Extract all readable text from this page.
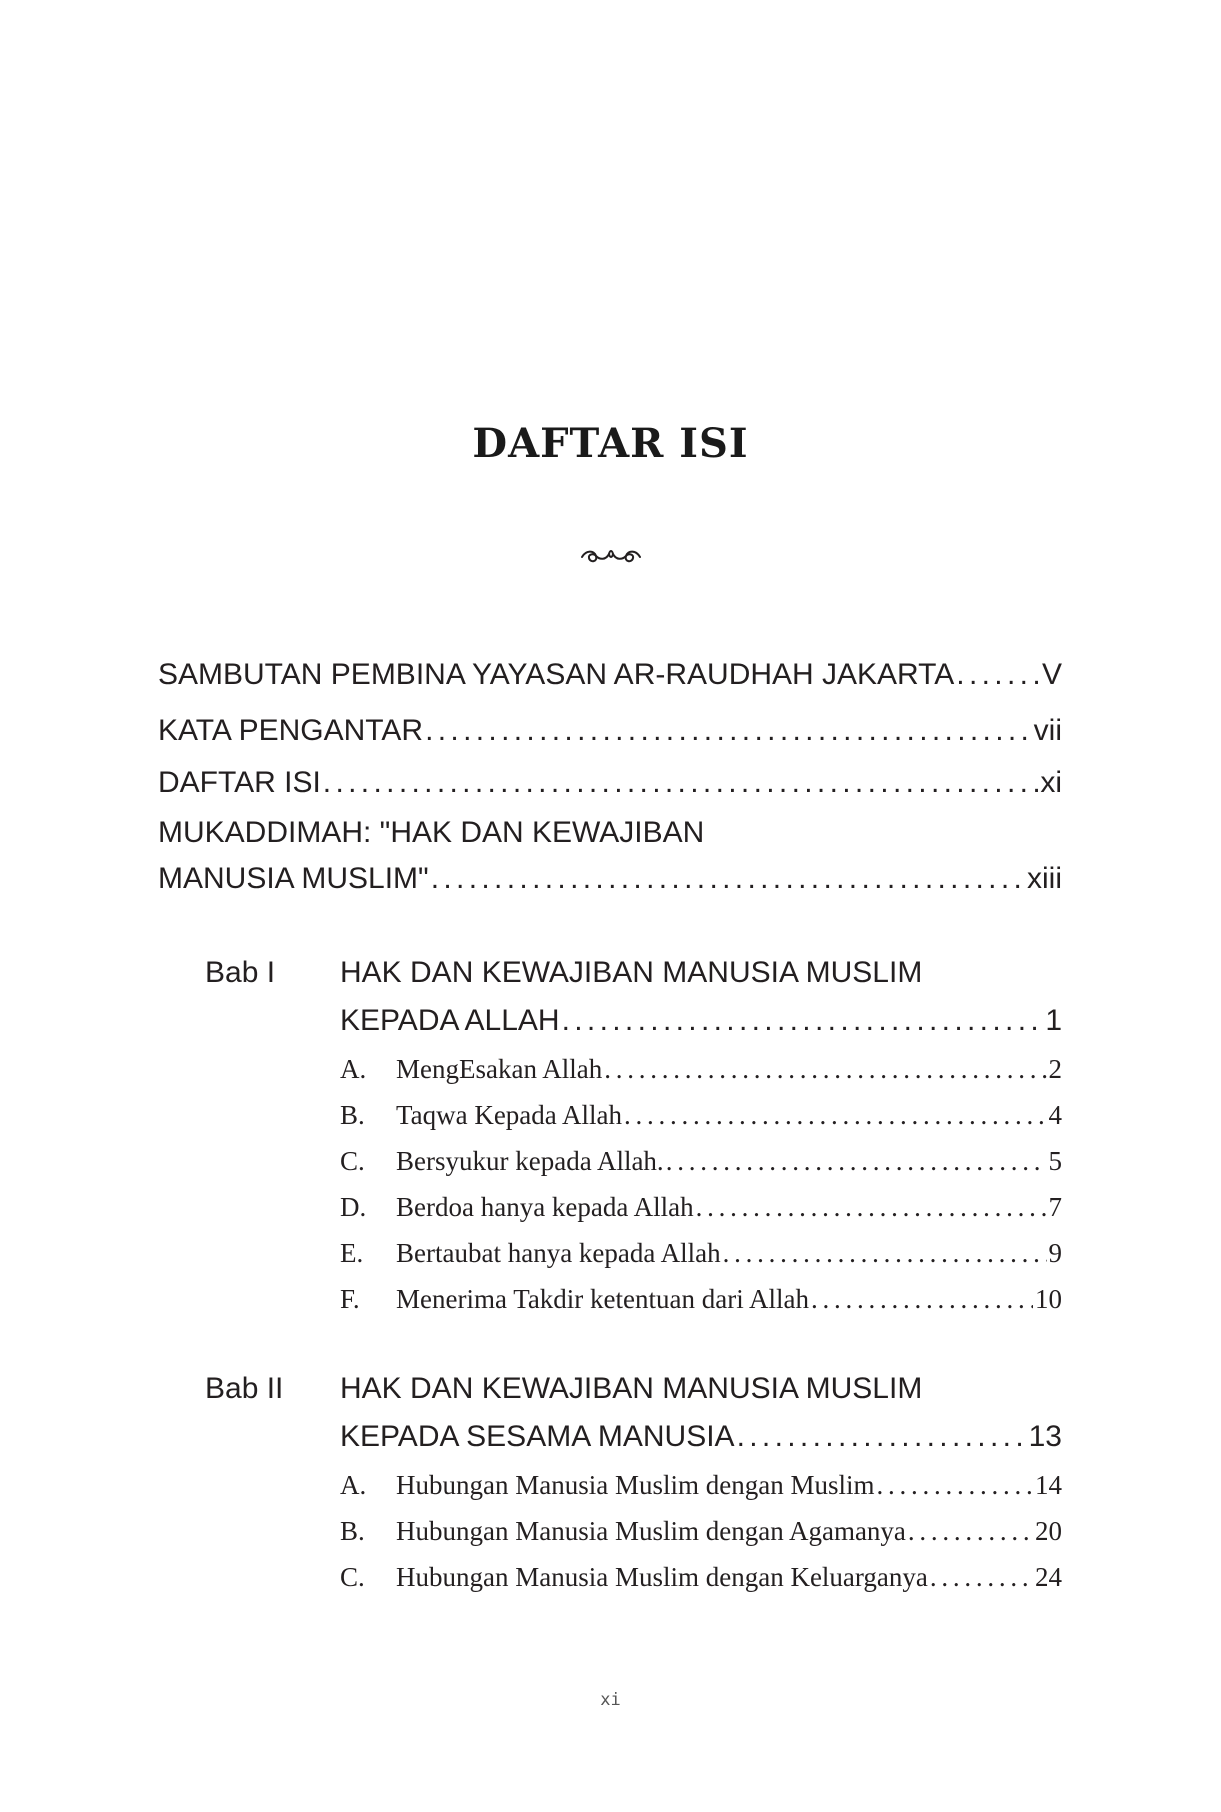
DAFTAR ISI
SAMBUTAN PEMBINA YAYASAN AR-RAUDHAH JAKARTA . . .	V
KATA PENGANTAR . . .	vii
DAFTAR ISI . . .	xi
MUKADDIMAH: "HAK DAN KEWAJIBAN
MANUSIA MUSLIM" . . .	xiii
Bab I HAK DAN KEWAJIBAN MANUSIA MUSLIM
KEPADA ALLAH . . .	1
A.	MengEsakan Allah . . .	2
B.	Taqwa Kepada Allah . . .	4
C.	Bersyukur kepada Allah. . . .	5
D.	Berdoa hanya kepada Allah . . .	7
E.	Bertaubat hanya kepada Allah . . .	9
F.	Menerima Takdir ketentuan dari Allah . . .	10
Bab II HAK DAN KEWAJIBAN MANUSIA MUSLIM
KEPADA SESAMA MANUSIA . . .	13
A.	Hubungan Manusia Muslim dengan Muslim . . .	14
B.	Hubungan Manusia Muslim dengan Agamanya . . .	20
C.	Hubungan Manusia Muslim dengan Keluarganya . . .	24
xi
